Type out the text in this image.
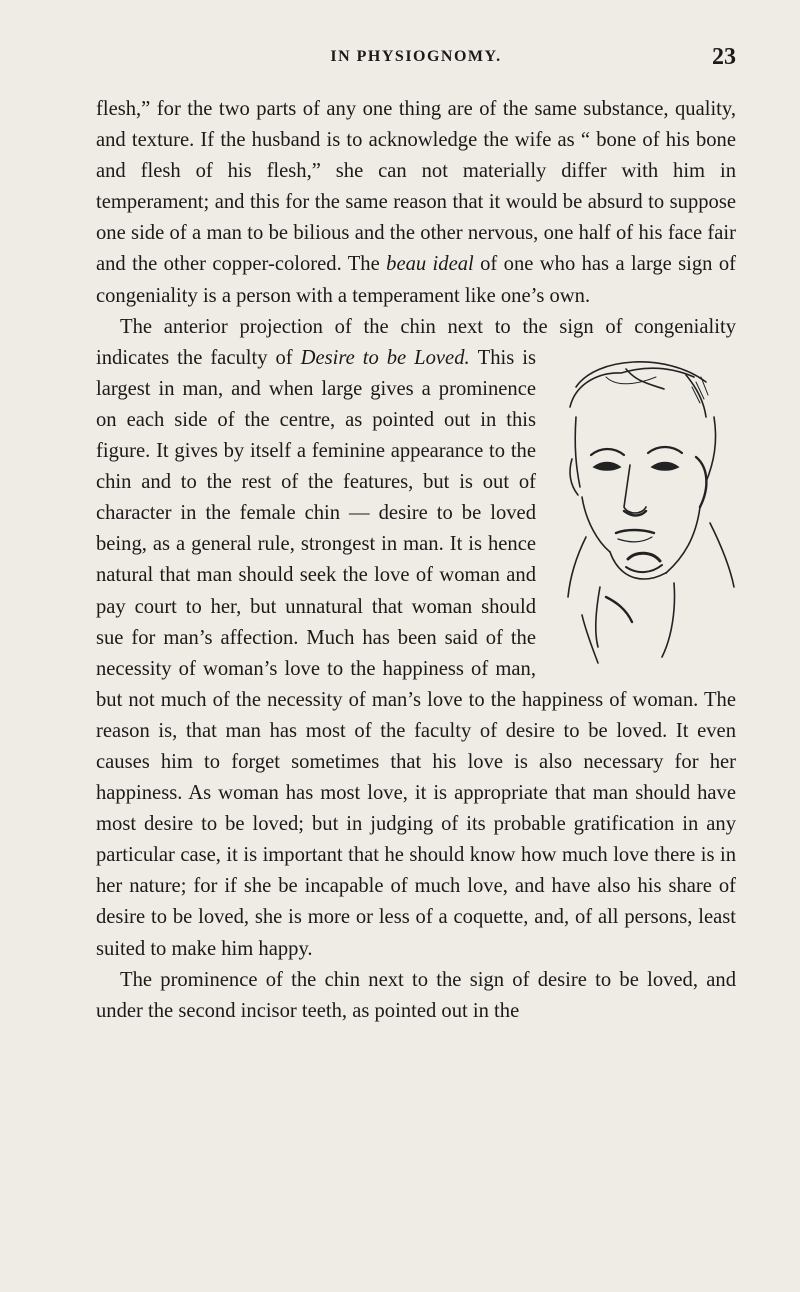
IN PHYSIOGNOMY.	23

flesh,” for the two parts of any one thing are of the same substance, quality, and texture. If the husband is to acknowledge the wife as “ bone of his bone and flesh of his flesh,” she can not materially differ with him in temperament; and this for the same reason that it would be absurd to suppose one side of a man to be bilious and the other nervous, one half of his face fair and the other copper-colored. The beau ideal of one who has a large sign of congeniality is a person with a temperament like one’s own.

The anterior projection of the chin next to the sign of congeniality indicates the faculty of Desire to be Loved. This is largest in man, and when large gives a prominence on each side of the centre, as pointed out in this figure. It gives by itself a feminine appearance to the chin and to the rest of the features, but is out of character in the female chin — desire to be loved being, as a general rule, strongest in man. It is hence natural that man should seek the love of woman and pay court to her, but unnatural that woman should sue for man’s affection. Much has been said of the necessity of woman’s love to the happiness of man, but not much of the necessity of man’s love to the happiness of woman. The reason is, that man has most of the faculty of desire to be loved. It even causes him to forget sometimes that his love is also necessary for her happiness. As woman has most love, it is appropriate that man should have most desire to be loved; but in judging of its probable gratification in any particular case, it is important that he should know how much love there is in her nature; for if she be incapable of much love, and have also his share of desire to be loved, she is more or less of a coquette, and, of all persons, least suited to make him happy.

The prominence of the chin next to the sign of desire to be loved, and under the second incisor teeth, as pointed out in the
